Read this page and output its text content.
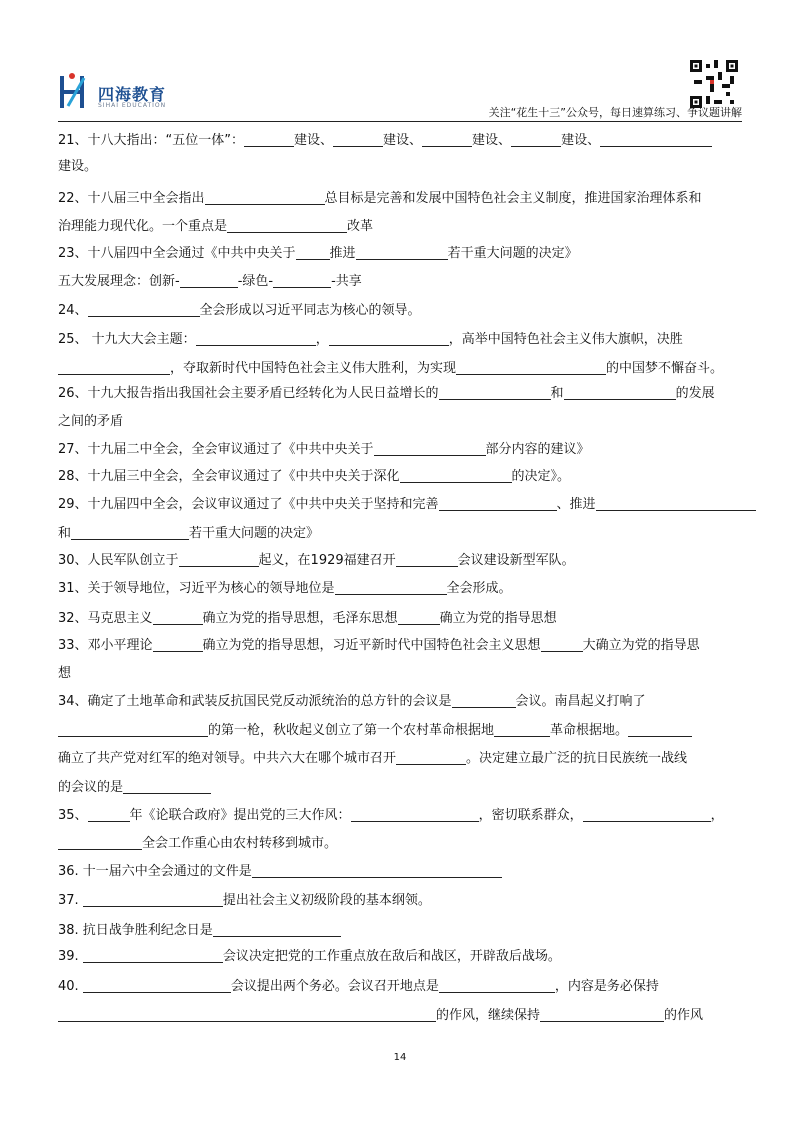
四海教育
SIHAI EDUCATION
关注“花生十三”公众号，每日速算练习、争议题讲解
21、十八大指出：“五位一体”：	建设、	建设、	建设、	建设、
建设。
22、十八届三中全会指出	总目标是完善和发展中国特色社会主义制度，推进国家治理体系和
治理能力现代化。一个重点是	改革
23、十八届四中全会通过《中共中央关于	推进	若干重大问题的决定》
五大发展理念：创新-	-绿色-	-共享
24、	全会形成以习近平同志为核心的领导。
25、 十九大大会主题：	，	，高举中国特色社会主义伟大旗帜，决胜
，夺取新时代中国特色社会主义伟大胜利，为实现	的中国梦不懈奋斗。
26、十九大报告指出我国社会主要矛盾已经转化为人民日益增长的	和	的发展
之间的矛盾
27、十九届二中全会，全会审议通过了《中共中央关于	部分内容的建议》
28、十九届三中全会，全会审议通过了《中共中央关于深化	的决定》。
29、十九届四中全会，会议审议通过了《中共中央关于坚持和完善	、推进
和	若干重大问题的决定》
30、人民军队创立于	起义，在1929福建召开	会议建设新型军队。
31、关于领导地位，习近平为核心的领导地位是	全会形成。
32、马克思主义	确立为党的指导思想，毛泽东思想	确立为党的指导思想
33、邓小平理论	确立为党的指导思想，习近平新时代中国特色社会主义思想	大确立为党的指导思
想
34、确定了土地革命和武装反抗国民党反动派统治的总方针的会议是	会议。南昌起义打响了
的第一枪，秋收起义创立了第一个农村革命根据地	革命根据地。
确立了共产党对红军的绝对领导。中共六大在哪个城市召开	。决定建立最广泛的抗日民族统一战线
的会议的是
35、	年《论联合政府》提出党的三大作风：	，密切联系群众，	，
全会工作重心由农村转移到城市。
36. 十一届六中全会通过的文件是
37.	提出社会主义初级阶段的基本纲领。
38. 抗日战争胜利纪念日是
39.	会议决定把党的工作重点放在敌后和战区，开辟敌后战场。
40.	会议提出两个务必。会议召开地点是	，内容是务必保持
的作风，继续保持	的作风
14
